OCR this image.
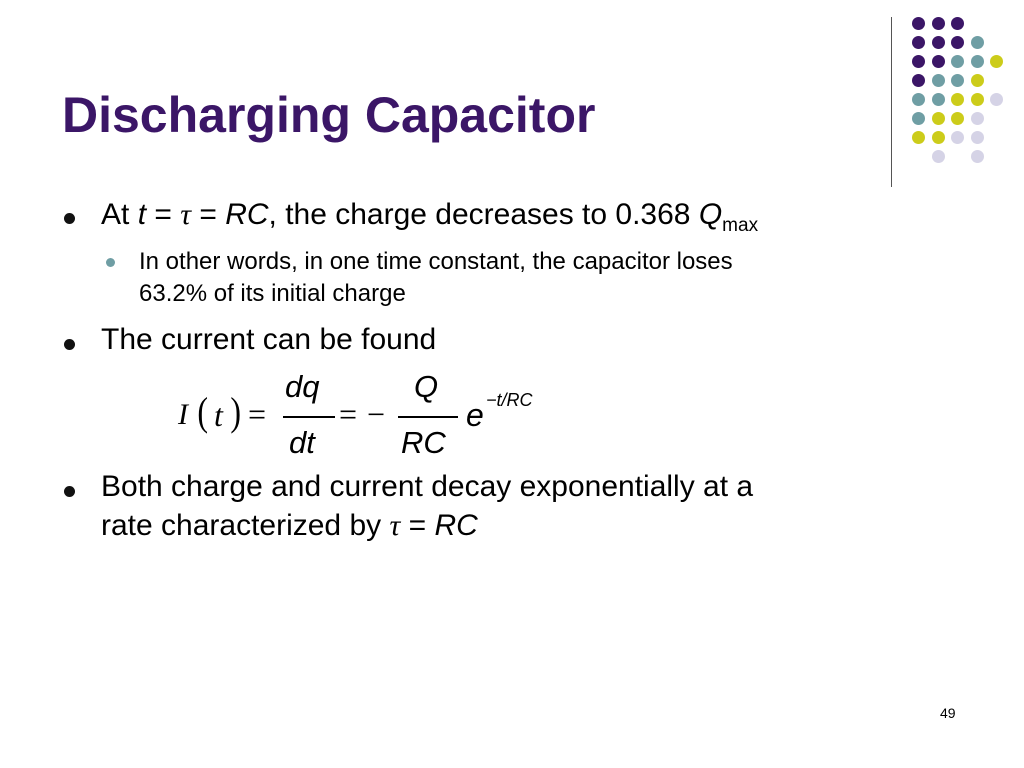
Discharging Capacitor
At t = τ = RC, the charge decreases to 0.368 $Q_{max}$
In other words, in one time constant, the capacitor loses
63.2% of its initial charge
The current can be found
I ( t ) =
dq
dt
= −
Q
RC
e −t/RC
Both charge and current decay exponentially at a
rate characterized by τ = RC
49
